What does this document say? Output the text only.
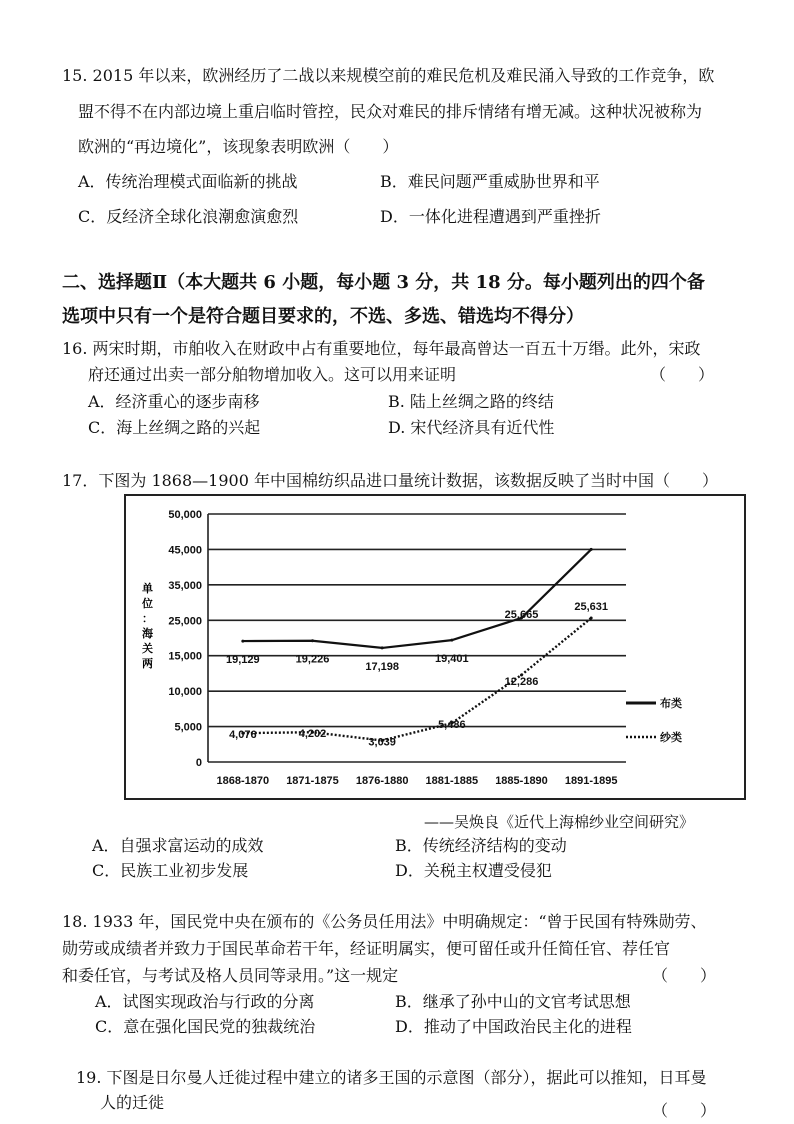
15. 2015 年以来，欧洲经历了二战以来规模空前的难民危机及难民涌入导致的工作竞争，欧
盟不得不在内部边境上重启临时管控，民众对难民的排斥情绪有增无减。这种状况被称为
欧洲的“再边境化”，该现象表明欧洲（　　）
A．传统治理模式面临新的挑战	B．难民问题严重威胁世界和平
C．反经济全球化浪潮愈演愈烈	D．一体化进程遭遇到严重挫折
二、选择题Ⅱ（本大题共 6 小题，每小题 3 分，共 18 分。每小题列出的四个备
选项中只有一个是符合题目要求的，不选、多选、错选均不得分）
16. 两宋时期，市舶收入在财政中占有重要地位，每年最高曾达一百五十万缗。此外，宋政
府还通过出卖一部分舶物增加收入。这可以用来证明	（　　）
A．经济重心的逐步南移	B. 陆上丝绸之路的终结
C．海上丝绸之路的兴起	D. 宋代经济具有近代性
17．下图为 1868—1900 年中国棉纺织品进口量统计数据，该数据反映了当时中国（　　）
50,000
45,000
35,000
25,000
15,000
10,000
5,000
0
1868-1870 1871-1875 1876-1880 1881-1885 1885-1890 1891-1895
19,129	19,226
17,198
19,401
25,665
4,076	4,202
3,039
5,486
12,286
25,631
布类
纱类
单位：海关两
——吴焕良《近代上海棉纱业空间研究》
A．自强求富运动的成效	B．传统经济结构的变动
C．民族工业初步发展	D．关税主权遭受侵犯
18. 1933 年，国民党中央在颁布的《公务员任用法》中明确规定：“曾于民国有特殊勋劳、
勋劳或成绩者并致力于国民革命若干年，经证明属实，便可留任或升任简任官、荐任官
和委任官，与考试及格人员同等录用。”这一规定	（　　）
A．试图实现政治与行政的分离	B．继承了孙中山的文官考试思想
C．意在强化国民党的独裁统治	D．推动了中国政治民主化的进程
19. 下图是日尔曼人迁徙过程中建立的诸多王国的示意图（部分），据此可以推知，日耳曼
人的迁徙	（　　）
